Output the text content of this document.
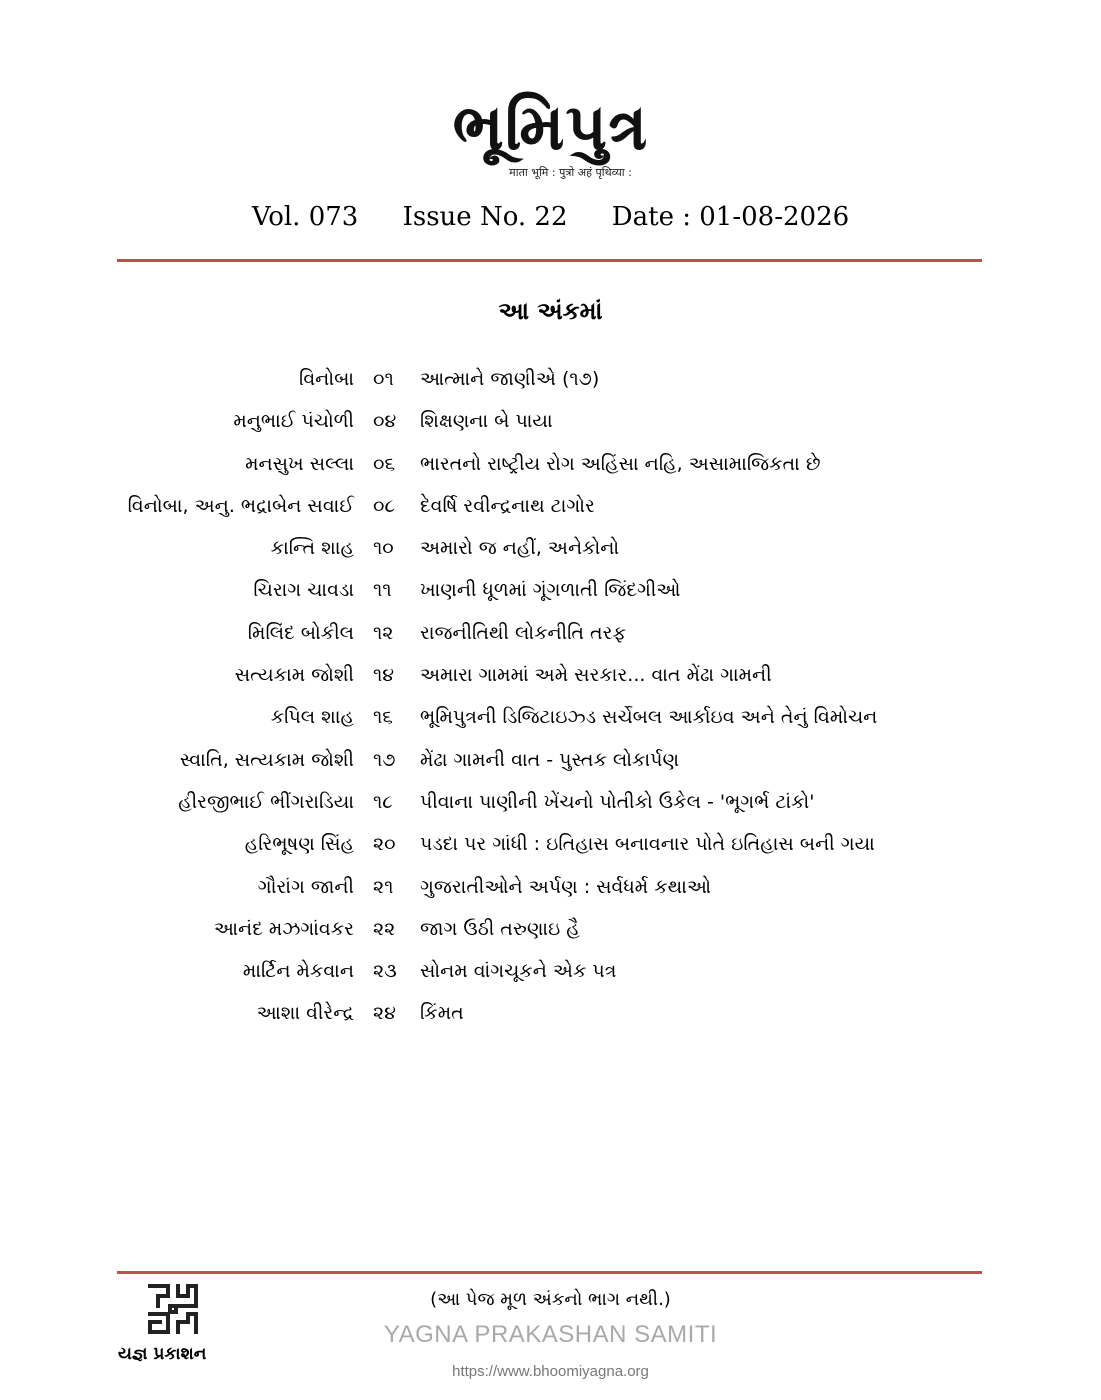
ભૂમિપુત્ર
माता भूमि : पुत्रो अहं पृथिव्या :
Vol. 073 Issue No. 22 Date : 01-08-2026
આ અંકમાં
વિનોબા ૦૧	આત્માને જાણીએ (૧૭)
મનુભાઈ પંચોળી ૦૪	શિક્ષણના બે પાયા
મનસુખ સલ્લા ૦૬	ભારતનો રાષ્ટ્રીય રોગ અહિંસા નહિ, અસામાજિકતા છે
વિનોબા, અનુ. ભદ્રાબેન સવાઈ ૦૮	દેવર્ષિ રવીન્દ્રનાથ ટાગોર
કાન્તિ શાહ ૧૦	અમારો જ નહીં, અનેકોનો
ચિરાગ ચાવડા ૧૧	ખાણની ધૂળમાં ગૂંગળાતી જિંદગીઓ
મિલિંદ બોકીલ ૧૨	રાજનીતિથી લોકનીતિ તરફ
સત્યકામ જોશી ૧૪	અમારા ગામમાં અમે સરકાર... વાત મેંઢા ગામની
કપિલ શાહ ૧૬	ભૂમિપુત્રની ડિજિટાઇઝ્ડ સર્ચેબલ આર્કાઇવ અને તેનું વિમોચન
સ્વાતિ, સત્યકામ જોશી ૧૭	મેંઢા ગામની વાત - પુસ્તક લોકાર્પણ
હીરજીભાઈ ભીંગરાડિયા ૧૮	પીવાના પાણીની ખેંચનો પોતીકો ઉકેલ - 'ભૂગર્ભ ટાંકો'
હરિભૂષણ સિંહ ૨૦	પડદા પર ગાંધી : ઇતિહાસ બનાવનાર પોતે ઇતિહાસ બની ગયા
ગૌરાંગ જાની ૨૧	ગુજરાતીઓને અર્પણ : સર્વધર્મ કથાઓ
આનંદ મઝગાંવકર ૨૨	જાગ ઉઠી તરુણાઇ હૈ
માર્ટિન મેકવાન ૨૩	સોનમ વાંગચૂકને એક પત્ર
આશા વીરેન્દ્ર ૨૪	કિંમત
યજ્ઞ પ્રકાશન
(આ પેજ મૂળ અંકનો ભાગ નથી.)
YAGNA PRAKASHAN SAMITI
https://www.bhoomiyagna.org
